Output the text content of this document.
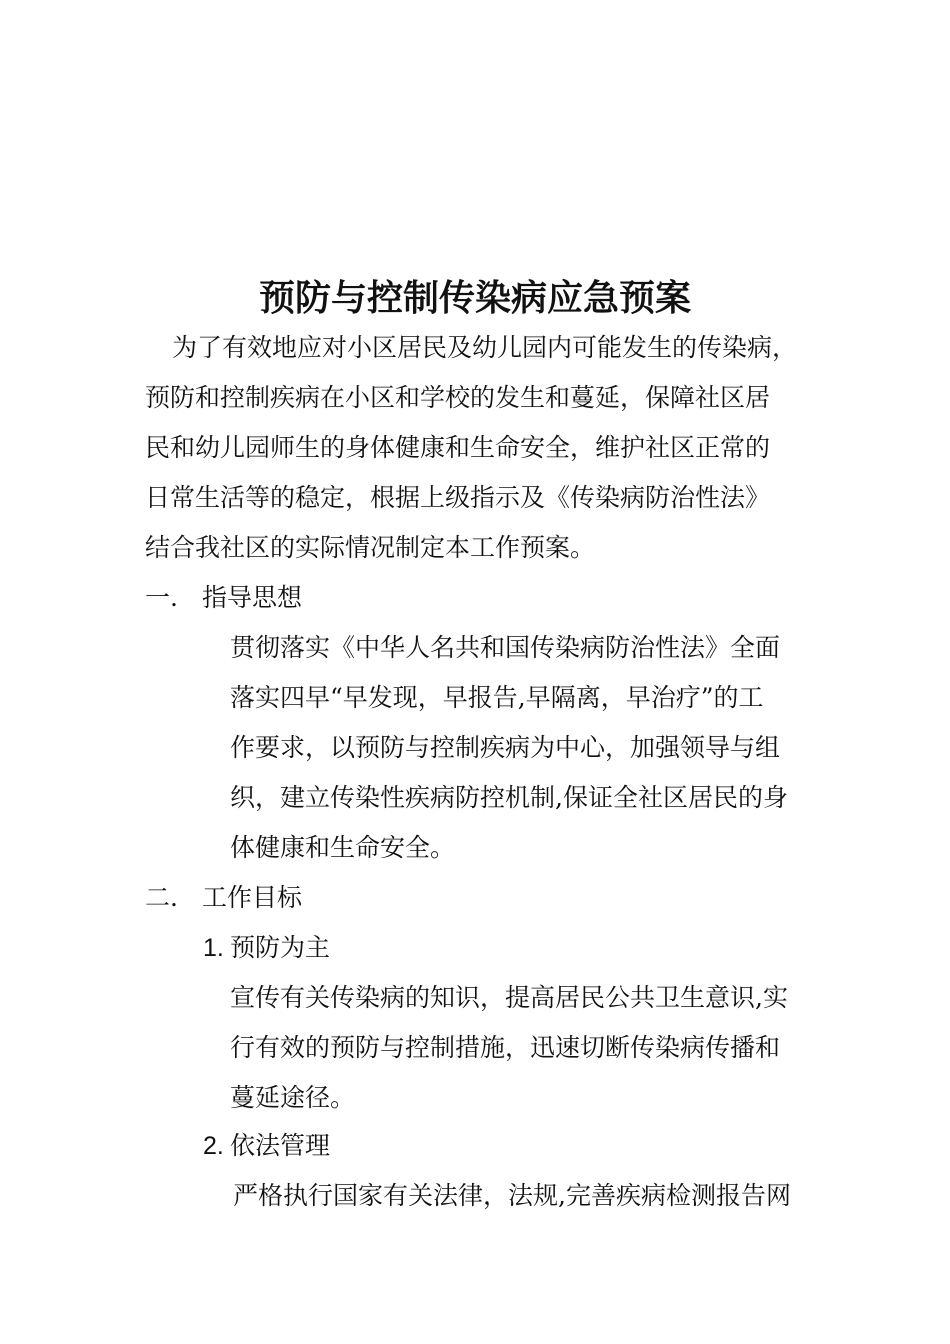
预防与控制传染病应急预案
为了有效地应对小区居民及幼儿园内可能发生的传染病，
预防和控制疾病在小区和学校的发生和蔓延，保障社区居
民和幼儿园师生的身体健康和生命安全，维护社区正常的
日常生活等的稳定，根据上级指示及《传染病防治性法》
结合我社区的实际情况制定本工作预案。
一. 指导思想
贯彻落实《中华人名共和国传染病防治性法》全面
落实四早“早发现，早报告,早隔离，早治疗”的工
作要求，以预防与控制疾病为中心，加强领导与组
织，建立传染性疾病防控机制,保证全社区居民的身
体健康和生命安全。
二. 工作目标
1. 预防为主
宣传有关传染病的知识，提高居民公共卫生意识,实
行有效的预防与控制措施，迅速切断传染病传播和
蔓延途径。
2. 依法管理
严格执行国家有关法律，法规,完善疾病检测报告网
